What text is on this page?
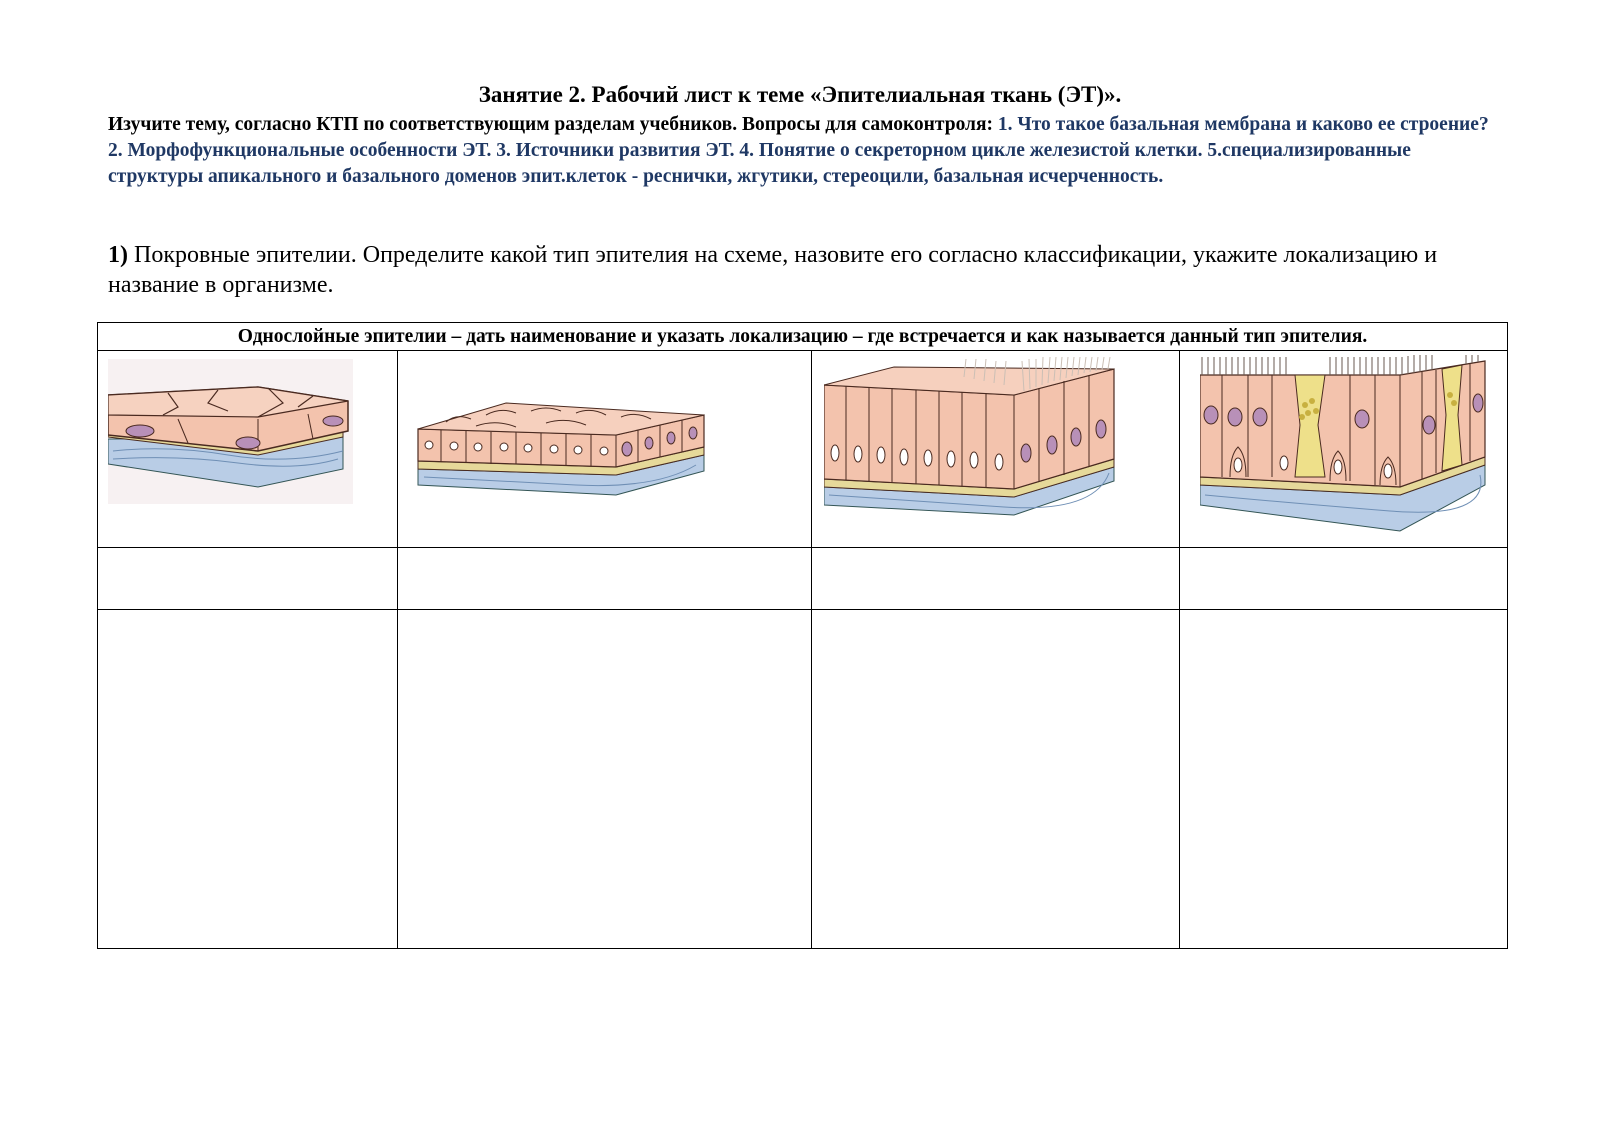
Занятие 2. Рабочий лист к теме «Эпителиальная ткань (ЭТ)».
Изучите тему, согласно КТП по соответствующим разделам учебников. Вопросы для самоконтроля: 1. Что такое базальная мембрана и каково ее строение? 2. Морфофункциональные особенности ЭТ. 3. Источники развития ЭТ. 4. Понятие о секреторном цикле железистой клетки. 5.специализированные структуры апикального и базального доменов эпит.клеток - реснички, жгутики, стереоцили, базальная исчерченность.
1) Покровные эпителии. Определите какой тип эпителия на схеме, назовите его согласно классификации, укажите локализацию и название в организме.
Однослойные эпителии – дать наименование и указать локализацию – где встречается и как называется данный тип эпителия.			
